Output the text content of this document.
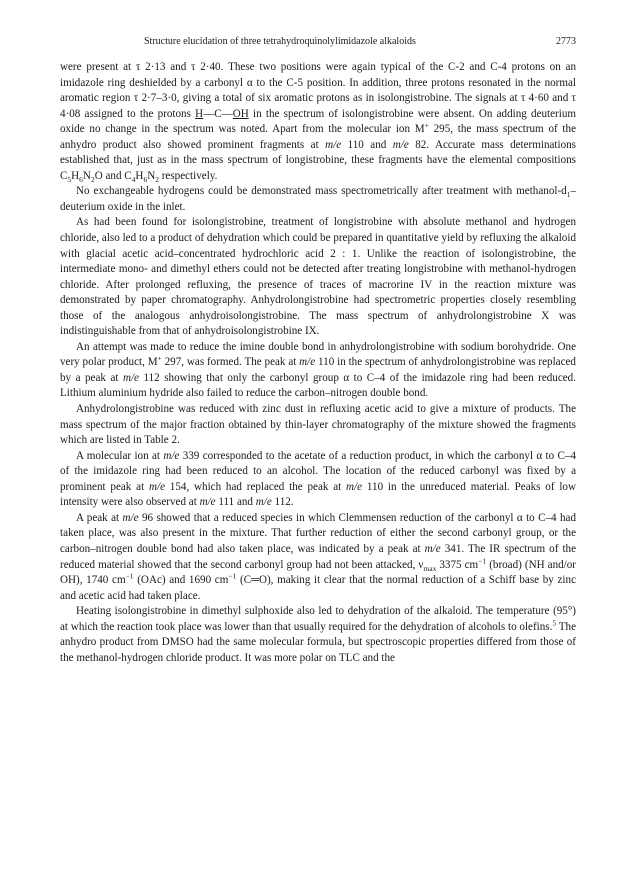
Structure elucidation of three tetrahydroquinolylimidazole alkaloids	2773

were present at τ 2·13 and τ 2·40. These two positions were again typical of the C-2 and C-4 protons on an imidazole ring deshielded by a carbonyl α to the C-5 position. In addition, three protons resonated in the normal aromatic region τ 2·7–3·0, giving a total of six aromatic protons as in isolongistrobine. The signals at τ 4·60 and τ 4·08 assigned to the protons H—C—OH in the spectrum of isolongistrobine were absent. On adding deuterium oxide no change in the spectrum was noted. Apart from the molecular ion M+ 295, the mass spectrum of the anhydro product also showed prominent fragments at m/e 110 and m/e 82. Accurate mass determinations established that, just as in the mass spectrum of longistrobine, these fragments have the elemental compositions $C_5H_6N_2O$ and $C_4H_6N_2$ respectively.

No exchangeable hydrogens could be demonstrated mass spectrometrically after treatment with methanol-$d_1$–deuterium oxide in the inlet.

As had been found for isolongistrobine, treatment of longistrobine with absolute methanol and hydrogen chloride, also led to a product of dehydration which could be prepared in quantitative yield by refluxing the alkaloid with glacial acetic acid–concentrated hydrochloric acid 2 : 1. Unlike the reaction of isolongistrobine, the intermediate mono- and dimethyl ethers could not be detected after treating longistrobine with methanol-hydrogen chloride. After prolonged refluxing, the presence of traces of macrorine IV in the reaction mixture was demonstrated by paper chromatography. Anhydrolongistrobine had spectrometric properties closely resembling those of the analogous anhydroisolongistrobine. The mass spectrum of anhydrolongistrobine X was indistinguishable from that of anhydroisolongistrobine IX.

An attempt was made to reduce the imine double bond in anhydrolongistrobine with sodium borohydride. One very polar product, M+ 297, was formed. The peak at m/e 110 in the spectrum of anhydrolongistrobine was replaced by a peak at m/e 112 showing that only the carbonyl group α to C–4 of the imidazole ring had been reduced. Lithium aluminium hydride also failed to reduce the carbon–nitrogen double bond.

Anhydrolongistrobine was reduced with zinc dust in refluxing acetic acid to give a mixture of products. The mass spectrum of the major fraction obtained by thin-layer chromatography of the mixture showed the fragments which are listed in Table 2.

A molecular ion at m/e 339 corresponded to the acetate of a reduction product, in which the carbonyl α to C–4 of the imidazole ring had been reduced to an alcohol. The location of the reduced carbonyl was fixed by a prominent peak at m/e 154, which had replaced the peak at m/e 110 in the unreduced material. Peaks of low intensity were also observed at m/e 111 and m/e 112.

A peak at m/e 96 showed that a reduced species in which Clemmensen reduction of the carbonyl α to C–4 had taken place, was also present in the mixture. That further reduction of either the second carbonyl group, or the carbon–nitrogen double bond had also taken place, was indicated by a peak at m/e 341. The IR spectrum of the reduced material showed that the second carbonyl group had not been attacked, $\nu_{max}$ 3375 $cm^{-1}$ (broad) (NH and/or OH), 1740 $cm^{-1}$ (OAc) and 1690 $cm^{-1}$ (C═O), making it clear that the normal reduction of a Schiff base by zinc and acetic acid had taken place.

Heating isolongistrobine in dimethyl sulphoxide also led to dehydration of the alkaloid. The temperature (95°) at which the reaction took place was lower than that usually required for the dehydration of alcohols to olefins.$^5$ The anhydro product from DMSO had the same molecular formula, but spectroscopic properties differed from those of the methanol-hydrogen chloride product. It was more polar on TLC and the
